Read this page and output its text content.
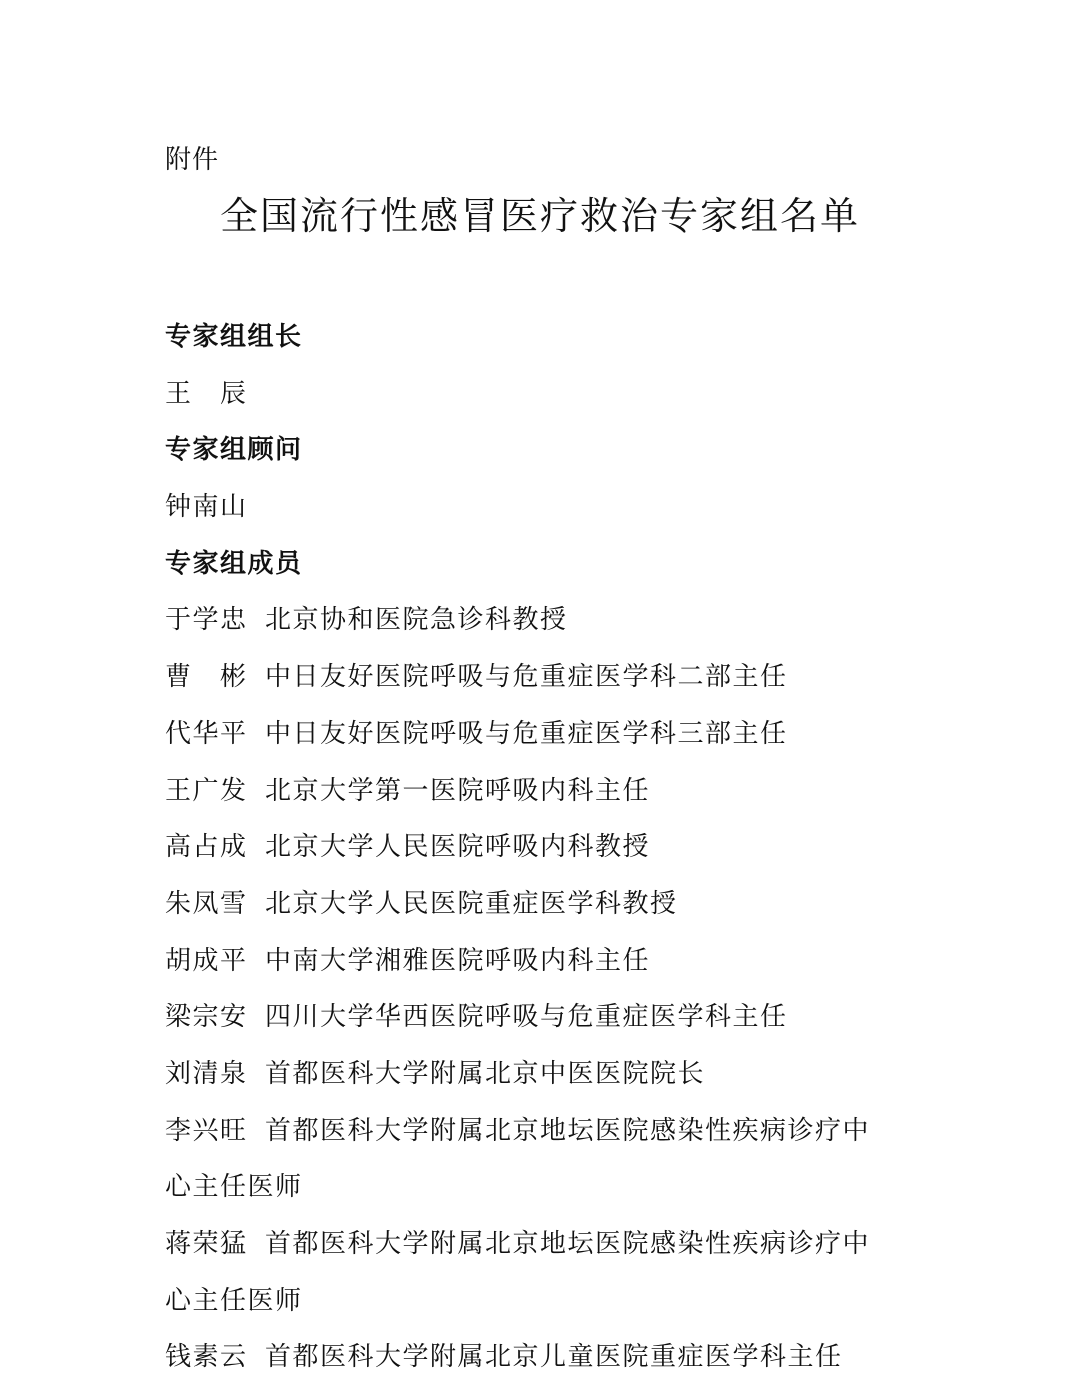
附件
全国流行性感冒医疗救治专家组名单
专家组组长
王　辰
专家组顾问
钟南山
专家组成员
于学忠 北京协和医院急诊科教授
曹　彬 中日友好医院呼吸与危重症医学科二部主任
代华平 中日友好医院呼吸与危重症医学科三部主任
王广发 北京大学第一医院呼吸内科主任
高占成 北京大学人民医院呼吸内科教授
朱凤雪 北京大学人民医院重症医学科教授
胡成平 中南大学湘雅医院呼吸内科主任
梁宗安 四川大学华西医院呼吸与危重症医学科主任
刘清泉 首都医科大学附属北京中医医院院长
李兴旺 首都医科大学附属北京地坛医院感染性疾病诊疗中
心主任医师
蒋荣猛 首都医科大学附属北京地坛医院感染性疾病诊疗中
心主任医师
钱素云 首都医科大学附属北京儿童医院重症医学科主任
